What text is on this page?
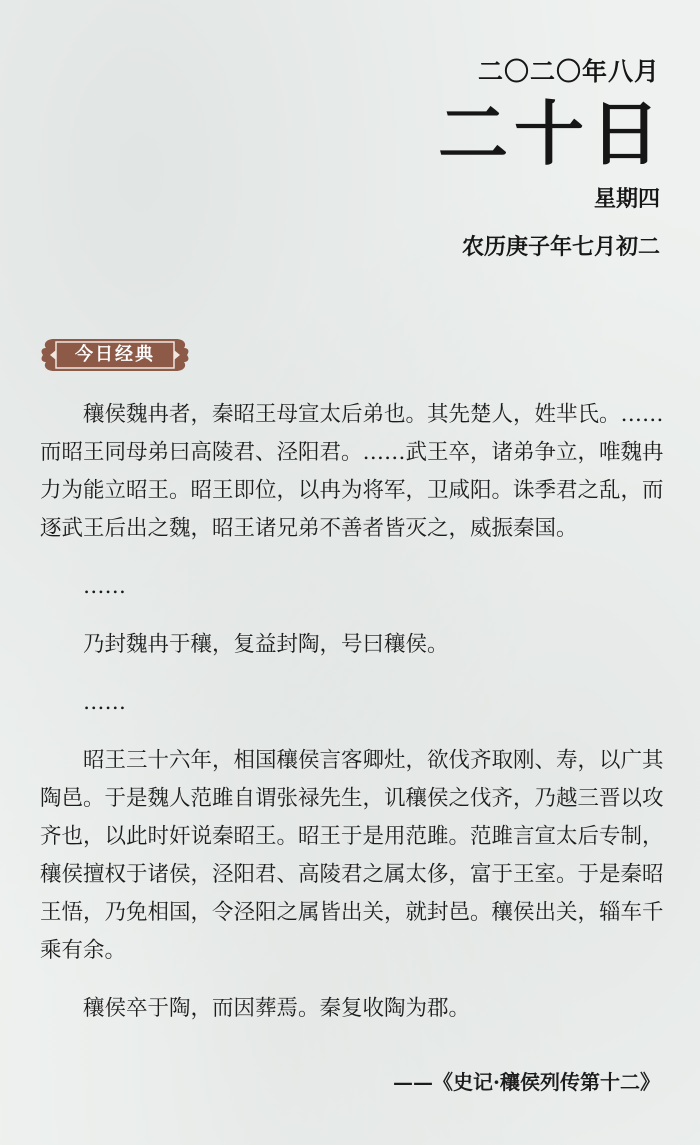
二〇二〇年八月
二十日
星期四
农历庚子年七月初二
今日经典

穰侯魏冉者，秦昭王母宣太后弟也。其先楚人，姓芈氏。……而昭王同母弟曰高陵君、泾阳君。……武王卒，诸弟争立，唯魏冉力为能立昭王。昭王即位，以冉为将军，卫咸阳。诛季君之乱，而逐武王后出之魏，昭王诸兄弟不善者皆灭之，威振秦国。

……

乃封魏冉于穰，复益封陶，号曰穰侯。

……

昭王三十六年，相国穰侯言客卿灶，欲伐齐取刚、寿，以广其陶邑。于是魏人范雎自谓张禄先生，讥穰侯之伐齐，乃越三晋以攻齐也，以此时奸说秦昭王。昭王于是用范雎。范雎言宣太后专制，穰侯擅权于诸侯，泾阳君、高陵君之属太侈，富于王室。于是秦昭王悟，乃免相国，令泾阳之属皆出关，就封邑。穰侯出关，辎车千乘有余。

穰侯卒于陶，而因葬焉。秦复收陶为郡。

——《史记·穰侯列传第十二》
